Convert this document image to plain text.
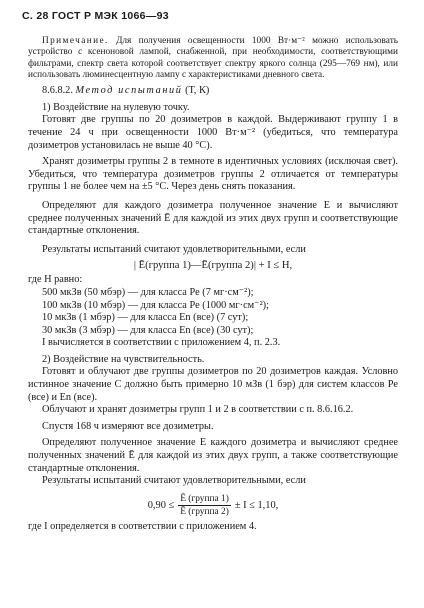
С. 28 ГОСТ Р МЭК 1066—93
Примечание. Для получения освещенности 1000 Вт·м⁻² можно использовать устройство с ксеноновой лампой, снабженной, при необходимости, соответствующими фильтрами, спектр света которой соответствует спектру яркого солнца (295—769 нм), или использовать люминесцентную лампу с характеристиками дневного света.
8.6.8.2. Метод испытаний (Т, К)
1) Воздействие на нулевую точку.
Готовят две группы по 20 дозиметров в каждой. Выдерживают группу 1 в течение 24 ч при освещенности 1000 Вт·м⁻² (убедиться, что температура дозиметров установилась не выше 40 °С).
Хранят дозиметры группы 2 в темноте в идентичных условиях (исключая свет). Убедиться, что температура дозиметров группы 2 отличается от температуры группы 1 не более чем на ±5 °С. Через день снять показания.
Определяют для каждого дозиметра полученное значение E и вычисляют среднее полученных значений Ē для каждой из этих двух групп и соответствующие стандартные отклонения.
Результаты испытаний считают удовлетворительными, если
| Ē(группа 1)—Ē(группа 2)| + I ≤ H,
где H равно:
500 мкЗв (50 мбэр) — для класса Pe (7 мг·см⁻²);
100 мкЗв (10 мбэр) — для класса Pe (1000 мг·см⁻²);
10 мкЗв (1 мбэр) — для класса En (все) (7 сут);
30 мкЗв (3 мбэр) — для класса En (все) (30 сут);
I вычисляется в соответствии с приложением 4, п. 2.3.
2) Воздействие на чувствительность.
Готовят и облучают две группы дозиметров по 20 дозиметров каждая. Условно истинное значение C должно быть примерно 10 мЗв (1 бэр) для систем классов Pe (все) и En (все).
Облучают и хранят дозиметры групп 1 и 2 в соответствии с п. 8.6.16.2.
Спустя 168 ч измеряют все дозиметры.
Определяют полученное значение E каждого дозиметра и вычисляют среднее полученных значений Ē для каждой из этих двух групп, а также соответствующие стандартные отклонения.
Результаты испытаний считают удовлетворительными, если
$0,90 \le \frac{\text{Ē (группа 1)}}{\text{Ē (группа 2)}} \pm I \le 1,10$,
где I определяется в соответствии с приложением 4.
